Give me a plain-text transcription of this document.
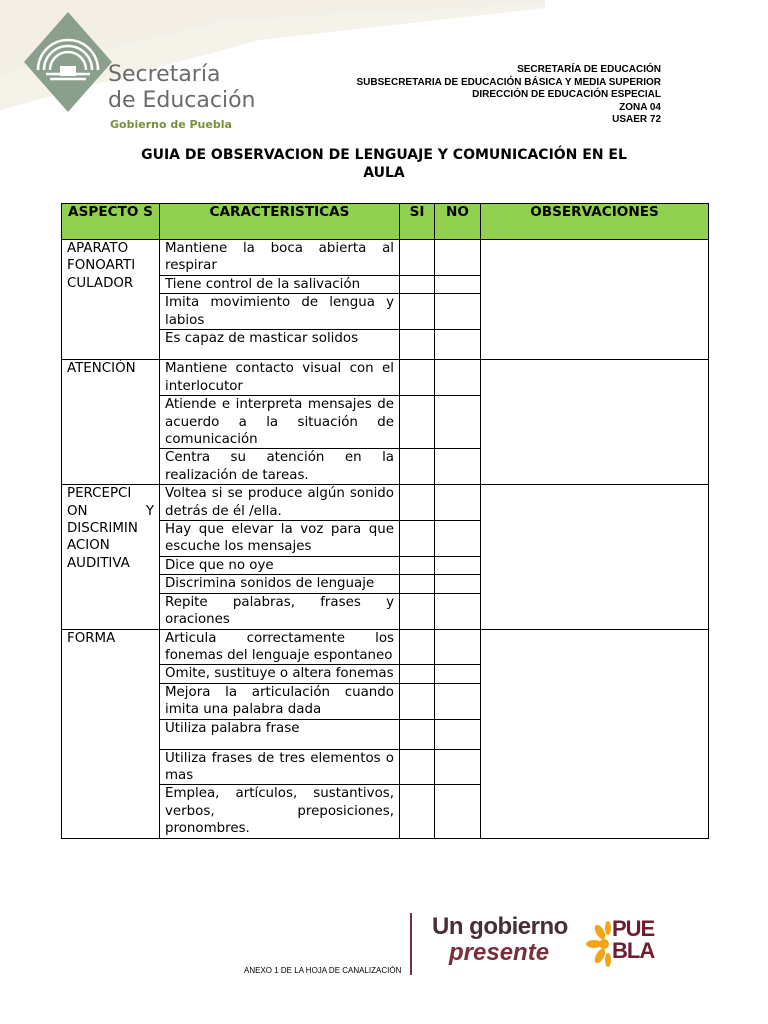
Secretaría
de Educación
Gobierno de Puebla
SECRETARÍA DE EDUCACIÓN
SUBSECRETARIA DE EDUCACIÓN BÁSICA Y MEDIA SUPERIOR
DIRECCIÓN DE EDUCACIÓN ESPECIAL
ZONA 04
USAER 72
GUIA DE OBSERVACION DE LENGUAJE Y COMUNICACIÓN EN EL
AULA
ASPECTO S	CARACTERISTICAS	SI	NO	OBSERVACIONES
APARATO FONOARTI CULADOR	Mantiene la boca abierta al respirar			
	Tiene control de la salivación			
	Imita movimiento de lengua y labios			
	Es capaz de masticar solidos			
ATENCIÓN	Mantiene contacto visual con el interlocutor			
	Atiende e interpreta mensajes de acuerdo a la situación de comunicación			
	Centra su atención en la realización de tareas.			
PERCEPCI ON Y DISCRIMIN ACION AUDITIVA	Voltea si se produce algún sonido detrás de él /ella.			
	Hay que elevar la voz para que escuche los mensajes			
	Dice que no oye			
	Discrimina sonidos de lenguaje			
	Repite palabras, frases y oraciones			
FORMA	Articula correctamente los fonemas del lenguaje espontaneo			
	Omite, sustituye o altera fonemas			
	Mejora la articulación cuando imita una palabra dada			
	Utiliza palabra frase			
	Utiliza frases de tres elementos o mas			
	Emplea, artículos, sustantivos, verbos, preposiciones, pronombres.			
ANEXO 1 DE LA HOJA DE CANALIZACIÓN
Un gobierno
presente
PUE
BLA
